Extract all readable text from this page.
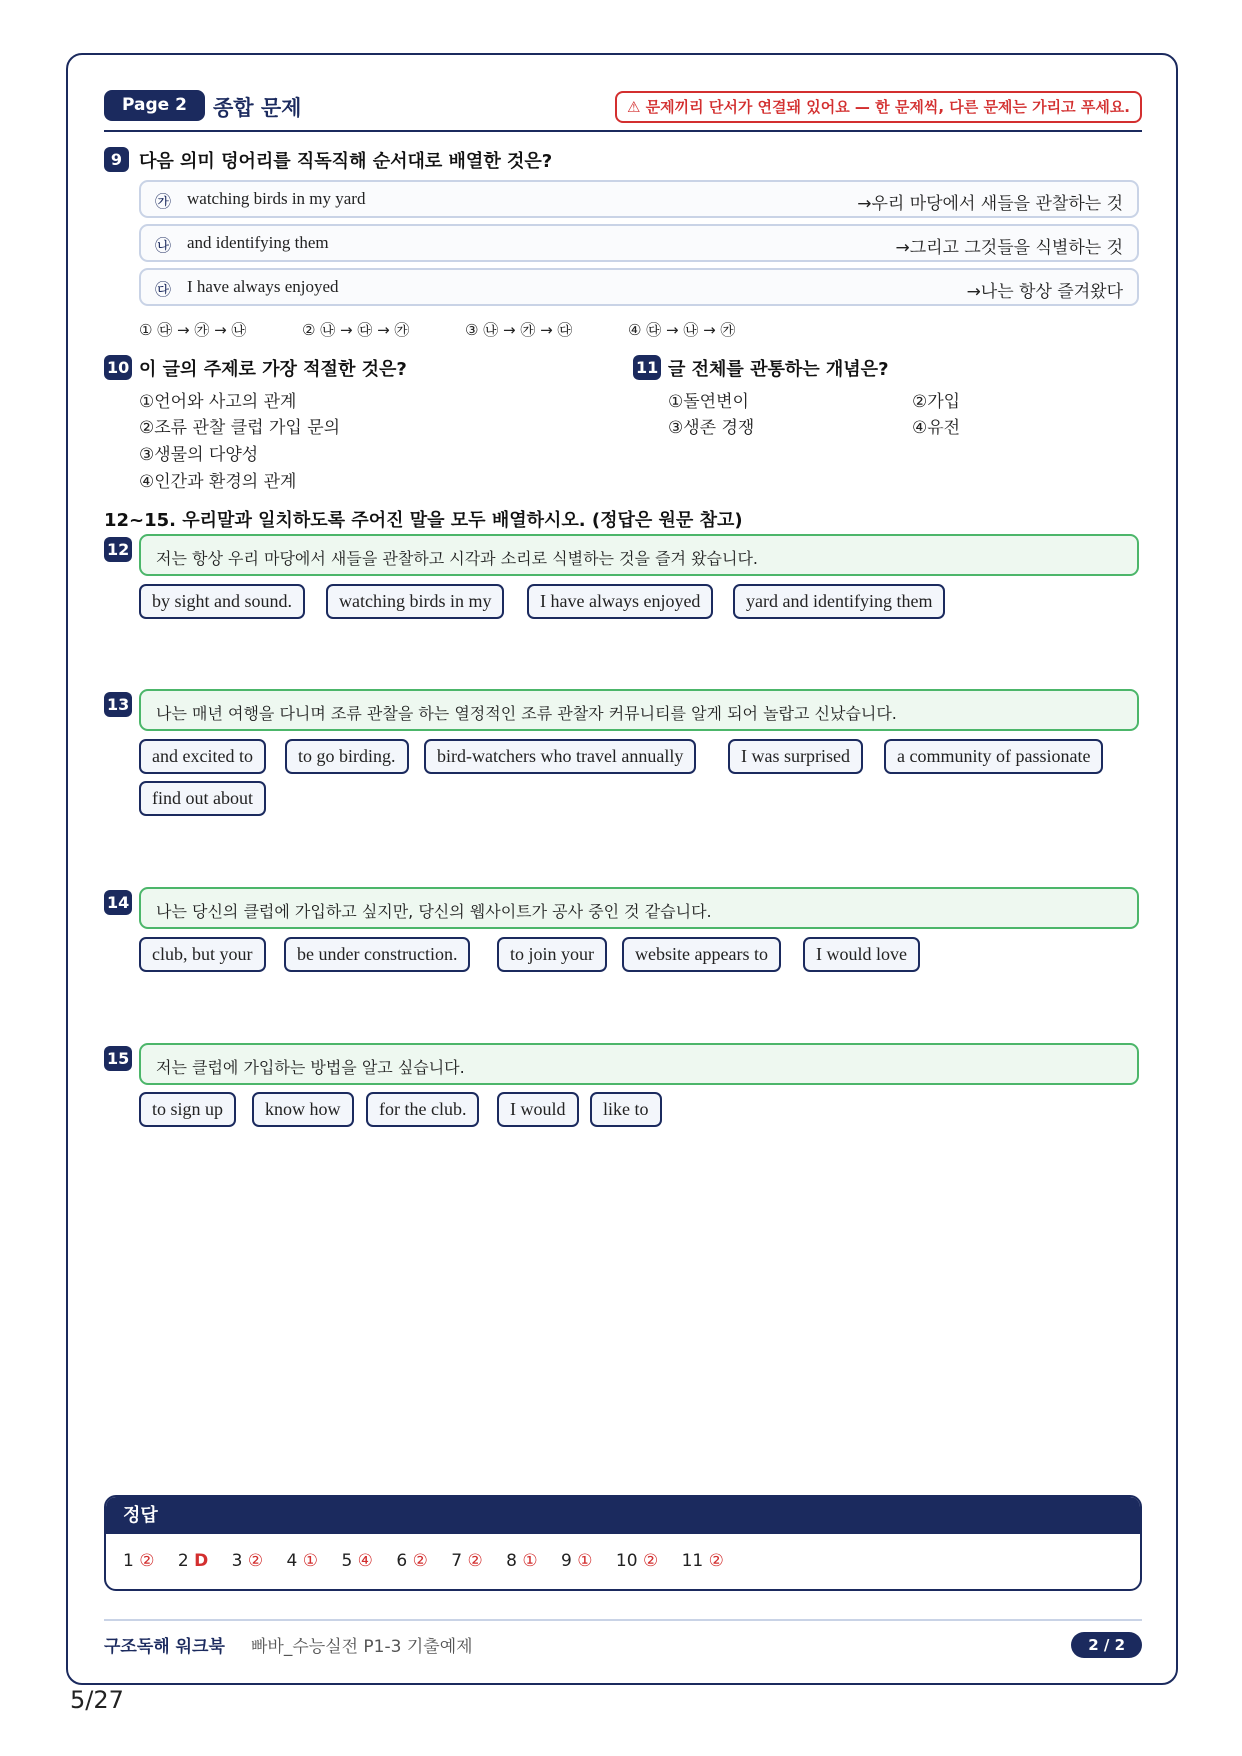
Page 2	종합 문제	⚠ 문제끼리 단서가 연결돼 있어요 — 한 문제씩, 다른 문제는 가리고 푸세요.
9 다음 의미 덩어리를 직독직해 순서대로 배열한 것은?
㉮ watching birds in my yard	→우리 마당에서 새들을 관찰하는 것
㉯ and identifying them	→그리고 그것들을 식별하는 것
㉰ I have always enjoyed	→나는 항상 즐겨왔다
① ㉰ → ㉮ → ㉯	② ㉯ → ㉰ → ㉮	③ ㉯ → ㉮ → ㉰	④ ㉰ → ㉯ → ㉮
10 이 글의 주제로 가장 적절한 것은?
①언어와 사고의 관계
②조류 관찰 클럽 가입 문의
③생물의 다양성
④인간과 환경의 관계
11 글 전체를 관통하는 개념은?
①돌연변이	②가입
③생존 경쟁	④유전
12~15. 우리말과 일치하도록 주어진 말을 모두 배열하시오. (정답은 원문 참고)
12 저는 항상 우리 마당에서 새들을 관찰하고 시각과 소리로 식별하는 것을 즐겨 왔습니다.
by sight and sound.	watching birds in my	I have always enjoyed	yard and identifying them
13 나는 매년 여행을 다니며 조류 관찰을 하는 열정적인 조류 관찰자 커뮤니티를 알게 되어 놀랍고 신났습니다.
and excited to	to go birding.	bird-watchers who travel annually	I was surprised	a community of passionate
find out about
14 나는 당신의 클럽에 가입하고 싶지만, 당신의 웹사이트가 공사 중인 것 같습니다.
club, but your	be under construction.	to join your	website appears to	I would love
15 저는 클럽에 가입하는 방법을 알고 싶습니다.
to sign up	know how	for the club.	I would	like to
정답
1 ② 2 D 3 ② 4 ① 5 ④ 6 ② 7 ② 8 ① 9 ① 10 ② 11 ②
구조독해 워크북 빠바_수능실전 P1-3 기출예제	2 / 2
5/27
